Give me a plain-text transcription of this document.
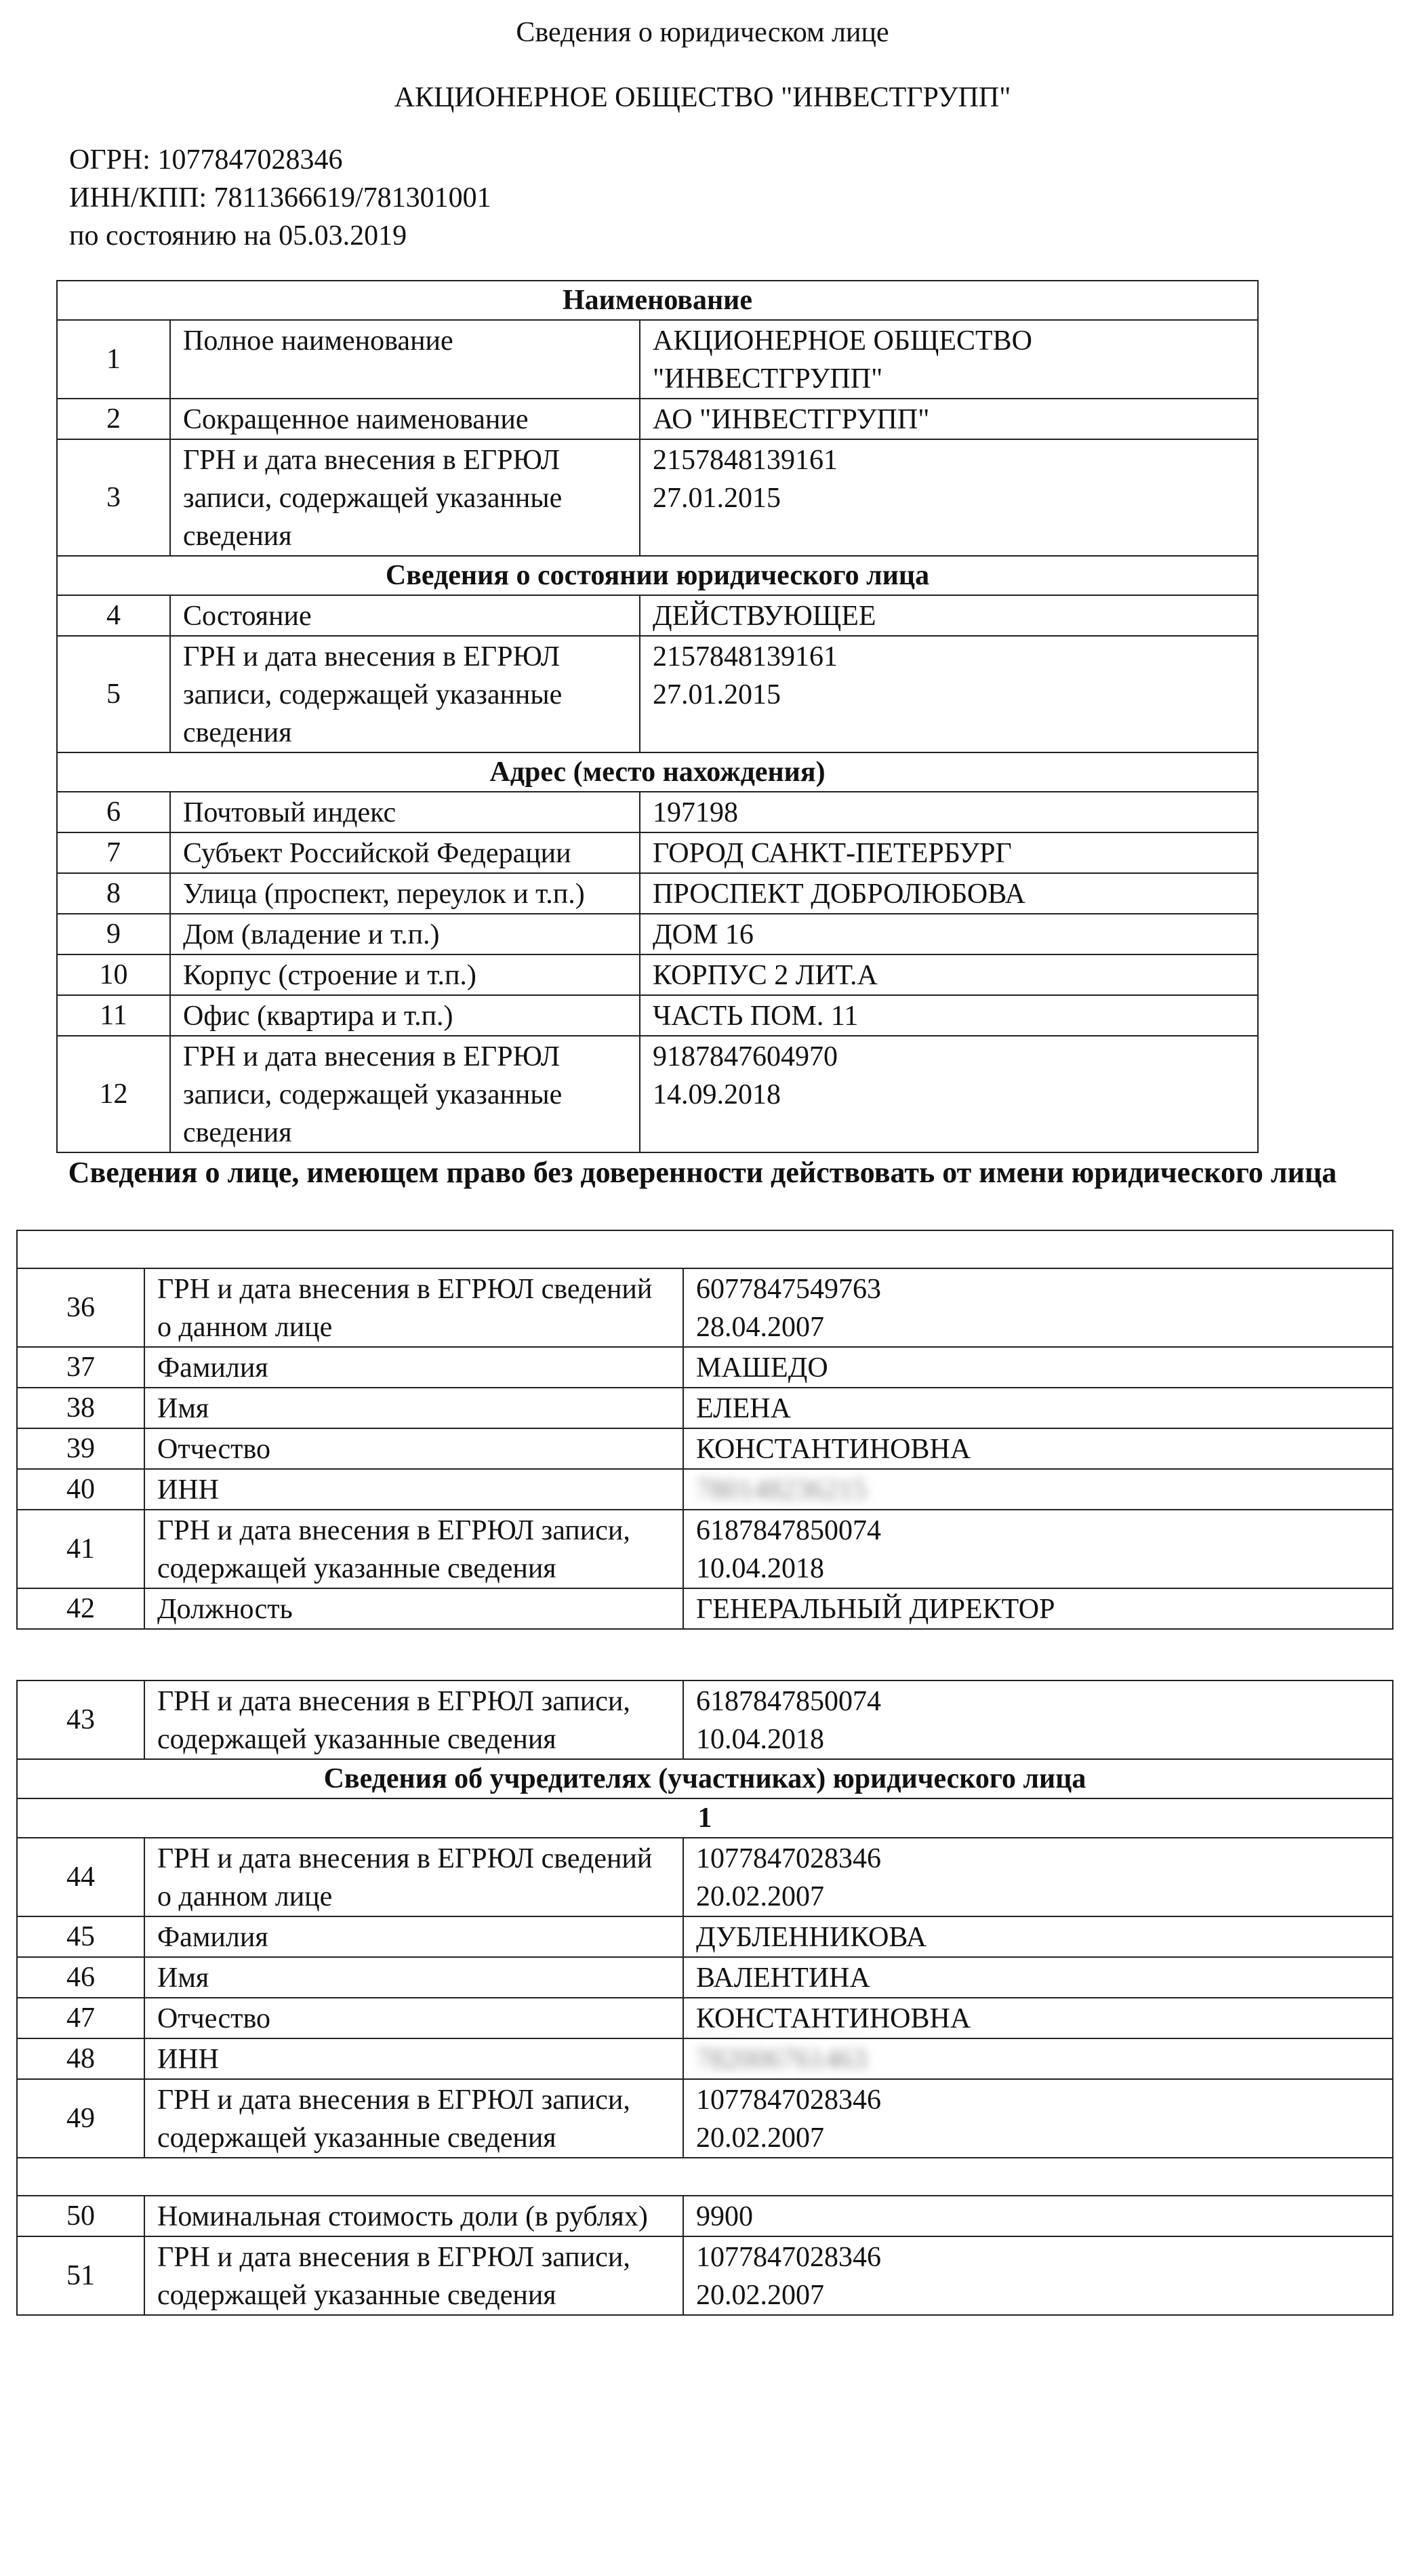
Сведения о юридическом лице
АКЦИОНЕРНОЕ ОБЩЕСТВО "ИНВЕСТГРУПП"
ОГРН: 1077847028346
ИНН/КПП: 7811366619/781301001
по состоянию на 05.03.2019
Наименование		
1	Полное наименование	АКЦИОНЕРНОЕ ОБЩЕСТВО "ИНВЕСТГРУПП"
2	Сокращенное наименование	АО "ИНВЕСТГРУПП"
3	ГРН и дата внесения в ЕГРЮЛ записи, содержащей указанные сведения	2157848139161
27.01.2015

Сведения о состоянии юридического лица		
4	Состояние	ДЕЙСТВУЮЩЕЕ
5	ГРН и дата внесения в ЕГРЮЛ записи, содержащей указанные сведения	2157848139161
27.01.2015

Адрес (место нахождения)		
6	Почтовый индекс	197198
7	Субъект Российской Федерации	ГОРОД САНКТ-ПЕТЕРБУРГ
8	Улица (проспект, переулок и т.п.)	ПРОСПЕКТ ДОБРОЛЮБОВА
9	Дом (владение и т.п.)	ДОМ 16
10	Корпус (строение и т.п.)	КОРПУС 2 ЛИТ.А
11	Офис (квартира и т.п.)	ЧАСТЬ ПОМ. 11
12	ГРН и дата внесения в ЕГРЮЛ записи, содержащей указанные сведения	9187847604970
14.09.2018
Сведения о лице, имеющем право без доверенности действовать от имени юридического лица

36	ГРН и дата внесения в ЕГРЮЛ сведений о данном лице	6077847549763
28.04.2007

37	Фамилия	МАШЕДО
38	Имя	ЕЛЕНА
39	Отчество	КОНСТАНТИНОВНА
40	ИНН	780148236215
41	ГРН и дата внесения в ЕГРЮЛ записи, содержащей указанные сведения	6187847850074
10.04.2018

42	Должность	ГЕНЕРАЛЬНЫЙ ДИРЕКТОР
43	ГРН и дата внесения в ЕГРЮЛ записи, содержащей указанные сведения	6187847850074
10.04.2018

Сведения об учредителях (участниках) юридического лица		
1		
44	ГРН и дата внесения в ЕГРЮЛ сведений о данном лице	1077847028346
20.02.2007

45	Фамилия	ДУБЛЕННИКОВА
46	Имя	ВАЛЕНТИНА
47	Отчество	КОНСТАНТИНОВНА
48	ИНН	782006761463
49	ГРН и дата внесения в ЕГРЮЛ записи, содержащей указанные сведения	1077847028346
20.02.2007

50	Номинальная стоимость доли (в рублях)	9900
51	ГРН и дата внесения в ЕГРЮЛ записи, содержащей указанные сведения	1077847028346
20.02.2007
